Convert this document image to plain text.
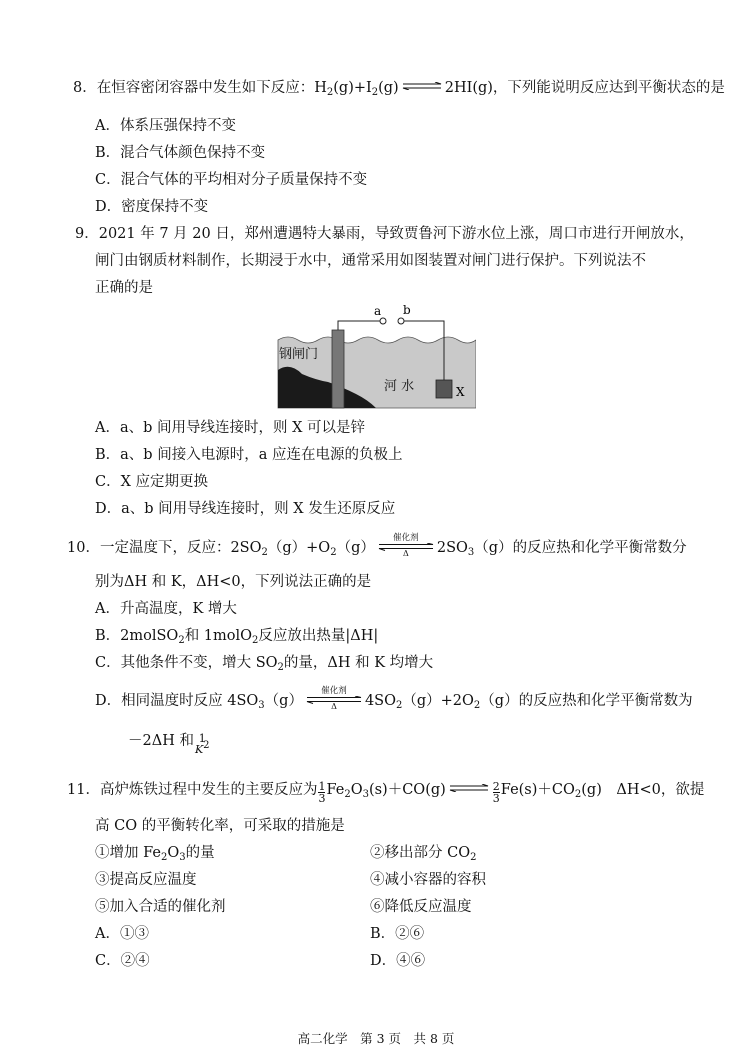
8．在恒容密闭容器中发生如下反应：$H_2(g)+I_2(g)$ ⇌ 2HI(g)，下列能说明反应达到平衡状态的是
A．体系压强保持不变
B．混合气体颜色保持不变
C．混合气体的平均相对分子质量保持不变
D．密度保持不变
9．2021 年 7 月 20 日，郑州遭遇特大暴雨，导致贾鲁河下游水位上涨，周口市进行开闸放水，
闸门由钢质材料制作，长期浸于水中，通常采用如图装置对闸门进行保护。下列说法不
正确的是
a b
钢闸门
河 水	X
A．a、b 间用导线连接时，则 X 可以是锌
B．a、b 间接入电源时，a 应连在电源的负极上
C．X 应定期更换
D．a、b 间用导线连接时，则 X 发生还原反应
10．一定温度下，反应：$2SO_2(g)+O_2(g)$
催化剂
Δ	$2SO_3(g)$的反应热和化学平衡常数分
别为ΔH 和 K，ΔH<0，下列说法正确的是
A．升高温度，K 增大
B．2molSO$_2$和 1molO$_2$反应放出热量|ΔH|
C．其他条件不变，增大 $SO_2$的量，ΔH 和 K 均增大
D．相同温度时反应 $4SO_3(g)$
催化剂
Δ	$4SO_2(g)+2O_2(g)$的反应热和化学平衡常数为
－2ΔH 和 1
$K^2$
11．高炉炼铁过程中发生的主要反应为 $\frac{1}{3} Fe_2O_3(s)+CO(g)$ ⇌ $\frac{2}{3} Fe(s)+CO_2(g)$　ΔH<0，欲提
高 CO 的平衡转化率，可采取的措施是
①增加 $Fe_2O_3$的量	②移出部分 $CO_2$
③提高反应温度	④减小容器的容积
⑤加入合适的催化剂	⑥降低反应温度
A．①③	B．②⑥
C．②④	D．④⑥
高二化学　第 3 页　共 8 页
